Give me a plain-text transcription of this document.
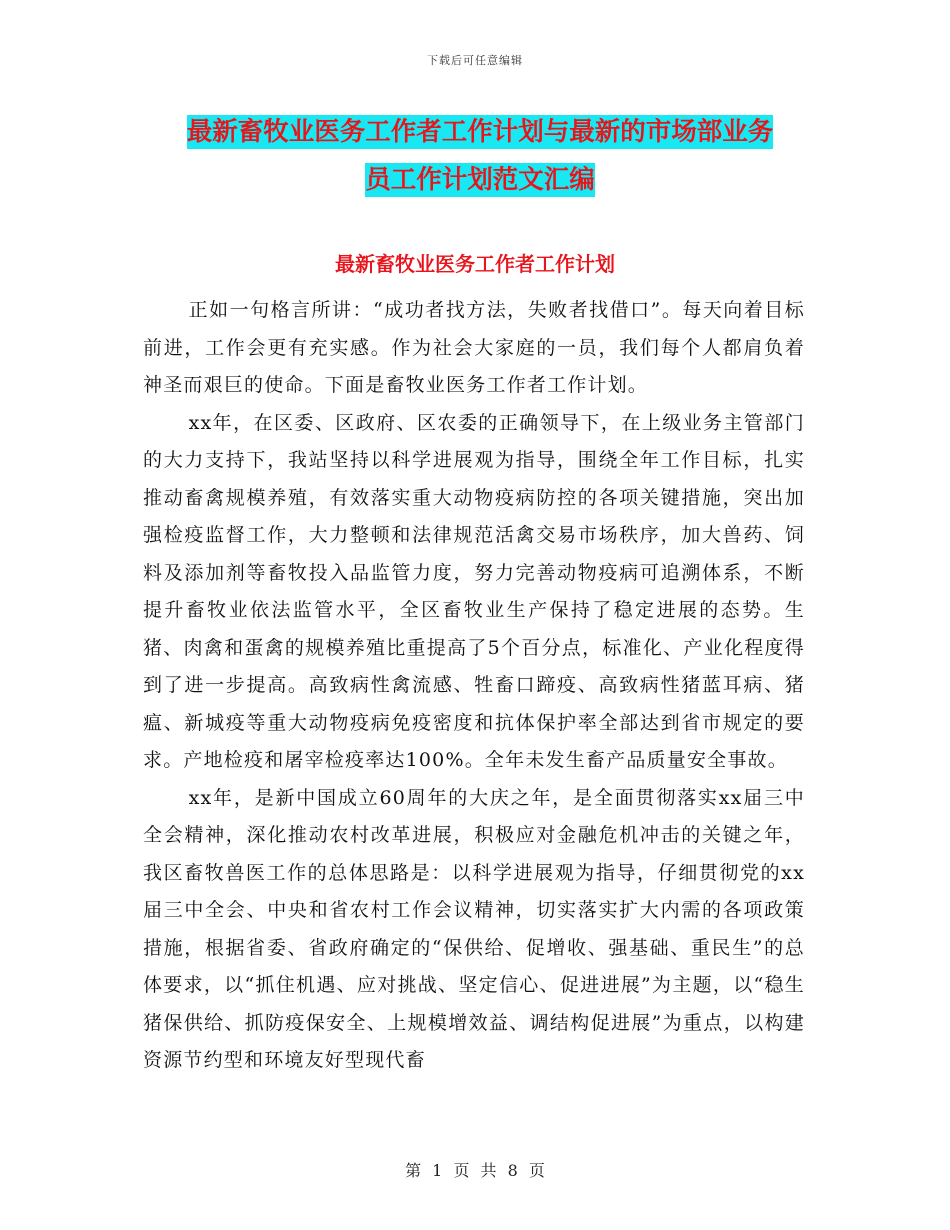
下载后可任意编辑
最新畜牧业医务工作者工作计划与最新的市场部业务
员工作计划范文汇编
最新畜牧业医务工作者工作计划

正如一句格言所讲：“成功者找方法，失败者找借口”。每天向着目标前进，工作会更有充实感。作为社会大家庭的一员，我们每个人都肩负着神圣而艰巨的使命。下面是畜牧业医务工作者工作计划。

xx年，在区委、区政府、区农委的正确领导下，在上级业务主管部门的大力支持下，我站坚持以科学进展观为指导，围绕全年工作目标，扎实推动畜禽规模养殖，有效落实重大动物疫病防控的各项关键措施，突出加强检疫监督工作，大力整顿和法律规范活禽交易市场秩序，加大兽药、饲料及添加剂等畜牧投入品监管力度，努力完善动物疫病可追溯体系，不断提升畜牧业依法监管水平，全区畜牧业生产保持了稳定进展的态势。生猪、肉禽和蛋禽的规模养殖比重提高了5个百分点，标准化、产业化程度得到了进一步提高。高致病性禽流感、牲畜口蹄疫、高致病性猪蓝耳病、猪瘟、新城疫等重大动物疫病免疫密度和抗体保护率全部达到省市规定的要求。产地检疫和屠宰检疫率达100%。全年未发生畜产品质量安全事故。

xx年，是新中国成立60周年的大庆之年，是全面贯彻落实xx届三中全会精神，深化推动农村改革进展，积极应对金融危机冲击的关键之年，我区畜牧兽医工作的总体思路是：以科学进展观为指导，仔细贯彻党的xx届三中全会、中央和省农村工作会议精神，切实落实扩大内需的各项政策措施，根据省委、省政府确定的“保供给、促增收、强基础、重民生”的总体要求，以“抓住机遇、应对挑战、坚定信心、促进进展”为主题，以“稳生猪保供给、抓防疫保安全、上规模增效益、调结构促进展”为重点，以构建资源节约型和环境友好型现代畜

第 1 页 共 8 页
